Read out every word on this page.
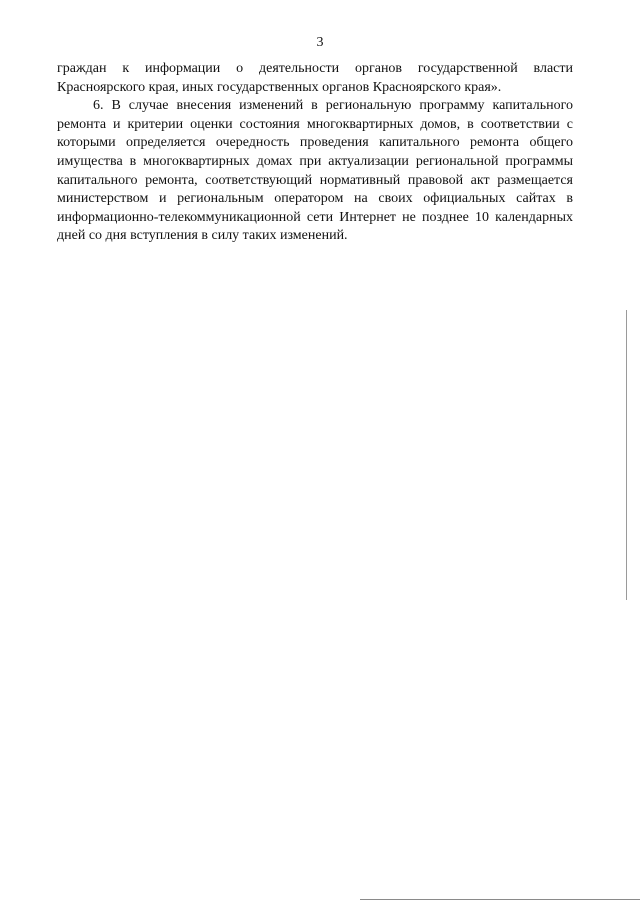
3

граждан к информации о деятельности органов государственной власти Красноярского края, иных государственных органов Красноярского края».

6. В случае внесения изменений в региональную программу капитального ремонта и критерии оценки состояния многоквартирных домов, в соответствии с которыми определяется очередность проведения капитального ремонта общего имущества в многоквартирных домах при актуализации региональной программы капитального ремонта, соответствующий нормативный правовой акт размещается министерством и региональным оператором на своих официальных сайтах в информационно-телекоммуникационной сети Интернет не позднее 10 календарных дней со дня вступления в силу таких изменений.
